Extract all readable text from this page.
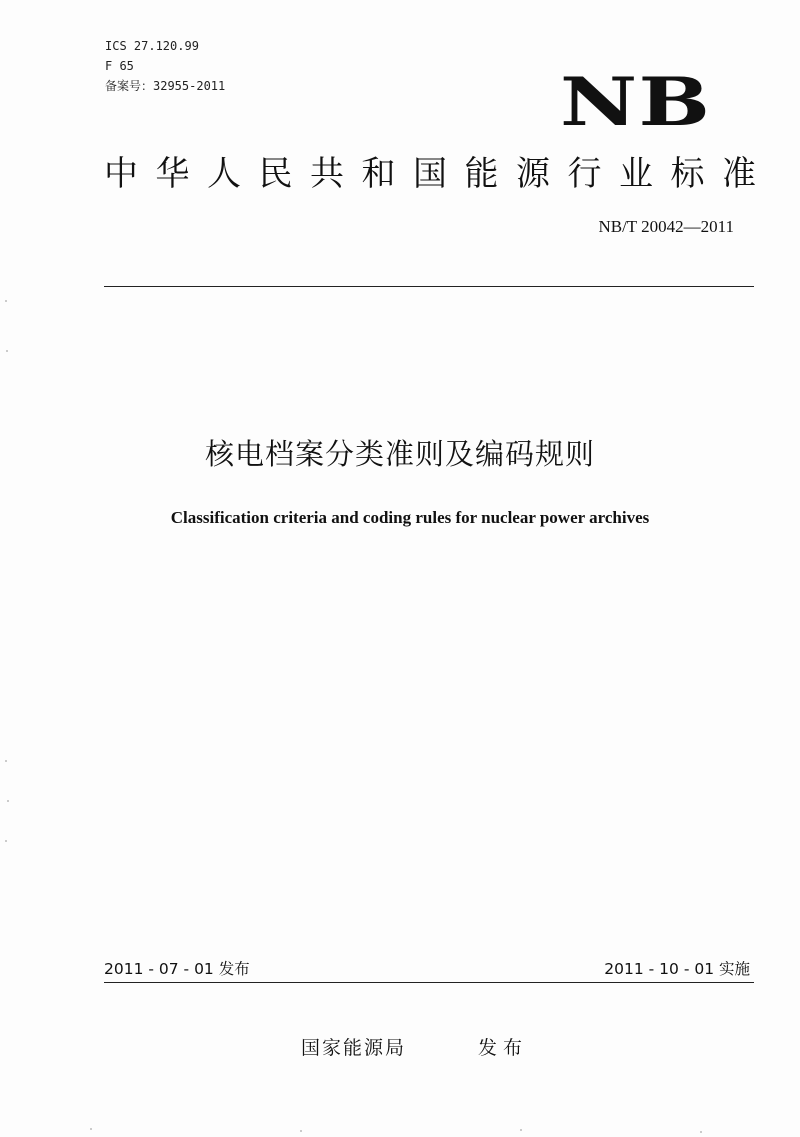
ICS 27.120.99
F 65
备案号：32955-2011	NB
中华人民共和国能源行业标准
NB/T 20042—2011
核电档案分类准则及编码规则
Classification criteria and coding rules for nuclear power archives
2011 - 07 - 01 发布	2011 - 10 - 01 实施
国家能源局	发布
